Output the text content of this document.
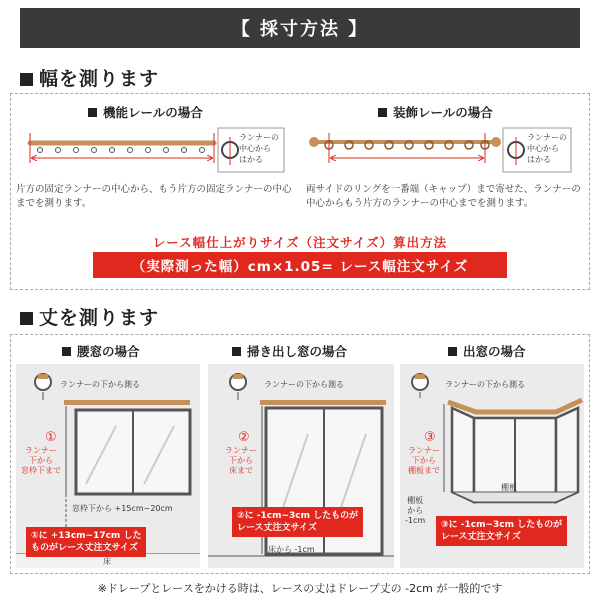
【 採寸方法 】
幅を測ります
機能レールの場合
ランナーの
中心から
はかる
片方の固定ランナーの中心から、もう片方の固定ランナーの中心までを測ります。
装飾レールの場合
ランナーの
中心から
はかる
両サイドのリングを一番端（キャップ）まで寄せた、ランナーの中心からもう片方のランナーの中心までを測ります。
レース幅仕上がりサイズ（注文サイズ）算出方法
（実際測った幅）cm×1.05= レース幅注文サイズ
丈を測ります
腰窓の場合	掃き出し窓の場合	出窓の場合
ランナーの下から測る
①
ランナー
下から
窓枠下まで
窓枠下から +15cm~20cm
①に +13cm~17cm した
ものがレース丈注文サイズ
床
ランナーの下から測る
②
ランナー
下から
床まで
②に -1cm~3cm したものが
レース丈注文サイズ
床から -1cm
ランナーの下から測る
③
ランナー
下から
棚板まで
棚板
棚板
から
-1cm ③に -1cm~3cm したものが
レース丈注文サイズ
※ドレープとレースをかける時は、レースの丈はドレープ丈の -2cm が一般的です
